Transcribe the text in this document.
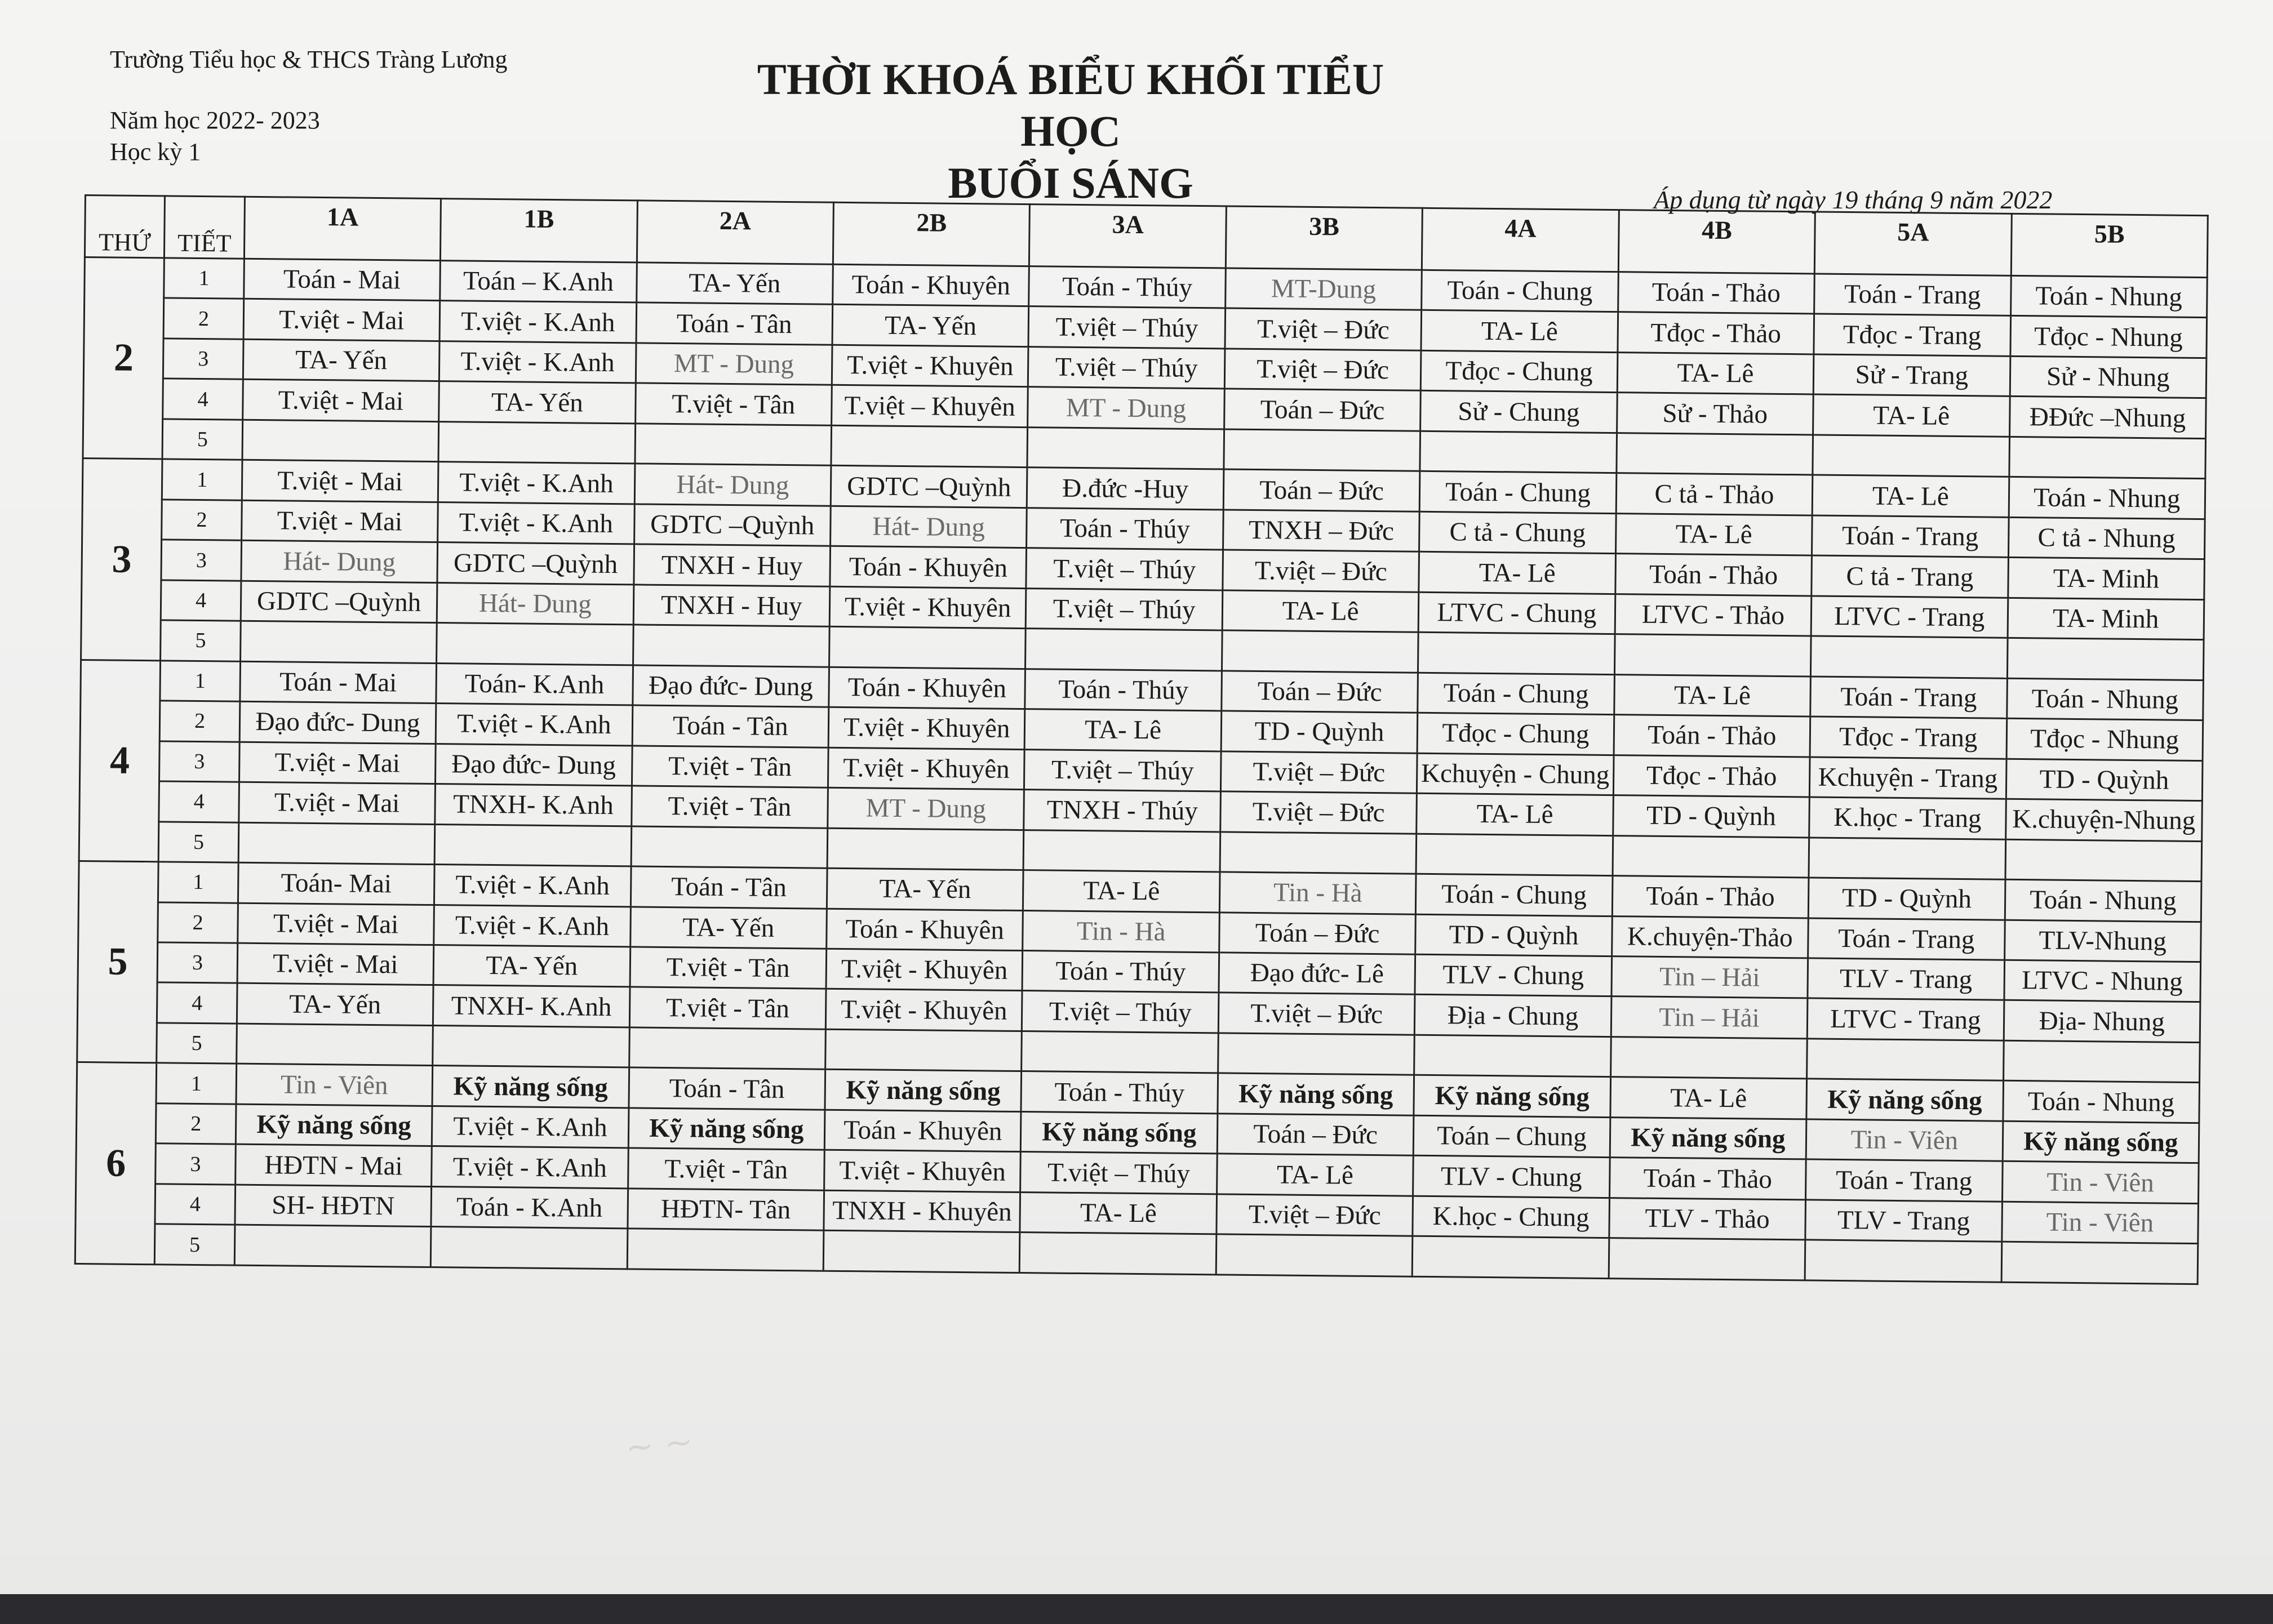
Trường Tiểu học & THCS Tràng Lương
Năm học 2022- 2023
Học kỳ 1
THỜI KHOÁ BIỂU KHỐI TIỂU HỌC
BUỔI SÁNG	Áp dụng từ ngày 19 tháng 9 năm 2022
THỨ	TIẾT	1A	1B	2A	2B	3A	3B	4A	4B	5A	5B
2	1	Toán - Mai	Toán – K.Anh	TA- Yến	Toán - Khuyên	Toán - Thúy	MT-Dung	Toán - Chung	Toán - Thảo	Toán - Trang	Toán - Nhung
	2	T.việt - Mai	T.việt - K.Anh	Toán - Tân	TA- Yến	T.việt – Thúy	T.việt – Đức	TA- Lê	Tđọc - Thảo	Tđọc - Trang	Tđọc - Nhung
	3	TA- Yến	T.việt - K.Anh	MT - Dung	T.việt - Khuyên	T.việt – Thúy	T.việt – Đức	Tđọc - Chung	TA- Lê	Sử - Trang	Sử - Nhung
	4	T.việt - Mai	TA- Yến	T.việt - Tân	T.việt – Khuyên	MT - Dung	Toán – Đức	Sử - Chung	Sử - Thảo	TA- Lê	ĐĐức –Nhung
	5										
3	1	T.việt - Mai	T.việt - K.Anh	Hát- Dung	GDTC –Quỳnh	Đ.đức -Huy	Toán – Đức	Toán - Chung	C tả - Thảo	TA- Lê	Toán - Nhung
	2	T.việt - Mai	T.việt - K.Anh	GDTC –Quỳnh	Hát- Dung	Toán - Thúy	TNXH – Đức	C tả - Chung	TA- Lê	Toán - Trang	C tả - Nhung
	3	Hát- Dung	GDTC –Quỳnh	TNXH - Huy	Toán - Khuyên	T.việt – Thúy	T.việt – Đức	TA- Lê	Toán - Thảo	C tả - Trang	TA- Minh
	4	GDTC –Quỳnh	Hát- Dung	TNXH - Huy	T.việt - Khuyên	T.việt – Thúy	TA- Lê	LTVC - Chung	LTVC - Thảo	LTVC - Trang	TA- Minh
	5										
4	1	Toán - Mai	Toán- K.Anh	Đạo đức- Dung	Toán - Khuyên	Toán - Thúy	Toán – Đức	Toán - Chung	TA- Lê	Toán - Trang	Toán - Nhung
	2	Đạo đức- Dung	T.việt - K.Anh	Toán - Tân	T.việt - Khuyên	TA- Lê	TD - Quỳnh	Tđọc - Chung	Toán - Thảo	Tđọc - Trang	Tđọc - Nhung
	3	T.việt - Mai	Đạo đức- Dung	T.việt - Tân	T.việt - Khuyên	T.việt – Thúy	T.việt – Đức	Kchuyện - Chung	Tđọc - Thảo	Kchuyện - Trang	TD - Quỳnh
	4	T.việt - Mai	TNXH- K.Anh	T.việt - Tân	MT - Dung	TNXH - Thúy	T.việt – Đức	TA- Lê	TD - Quỳnh	K.học - Trang	K.chuyện-Nhung
	5										
5	1	Toán- Mai	T.việt - K.Anh	Toán - Tân	TA- Yến	TA- Lê	Tin - Hà	Toán - Chung	Toán - Thảo	TD - Quỳnh	Toán - Nhung
	2	T.việt - Mai	T.việt - K.Anh	TA- Yến	Toán - Khuyên	Tin - Hà	Toán – Đức	TD - Quỳnh	K.chuyện-Thảo	Toán - Trang	TLV-Nhung
	3	T.việt - Mai	TA- Yến	T.việt - Tân	T.việt - Khuyên	Toán - Thúy	Đạo đức- Lê	TLV - Chung	Tin – Hải	TLV - Trang	LTVC - Nhung
	4	TA- Yến	TNXH- K.Anh	T.việt - Tân	T.việt - Khuyên	T.việt – Thúy	T.việt – Đức	Địa - Chung	Tin – Hải	LTVC - Trang	Địa- Nhung
	5										
6	1	Tin - Viên	Kỹ năng sống	Toán - Tân	Kỹ năng sống	Toán - Thúy	Kỹ năng sống	Kỹ năng sống	TA- Lê	Kỹ năng sống	Toán - Nhung
	2	Kỹ năng sống	T.việt - K.Anh	Kỹ năng sống	Toán - Khuyên	Kỹ năng sống	Toán – Đức	Toán – Chung	Kỹ năng sống	Tin - Viên	Kỹ năng sống
	3	HĐTN - Mai	T.việt - K.Anh	T.việt - Tân	T.việt - Khuyên	T.việt – Thúy	TA- Lê	TLV - Chung	Toán - Thảo	Toán - Trang	Tin - Viên
	4	SH- HĐTN	Toán - K.Anh	HĐTN- Tân	TNXH - Khuyên	TA- Lê	T.việt – Đức	K.học - Chung	TLV - Thảo	TLV - Trang	Tin - Viên
	5										
~ ~
